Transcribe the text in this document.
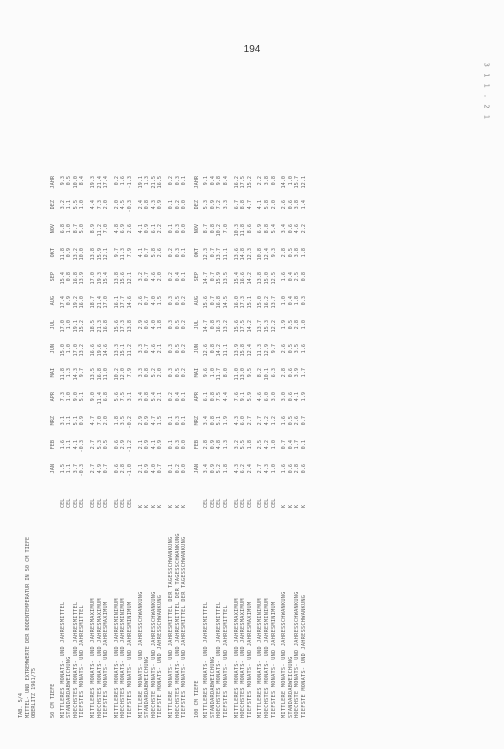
194
3 1 1 . 2 1
TAB. 5/4 MITTEL- UND EXTREMWERTE DER BODENTEMPERATUR IN 50 CM TIEFE OBERLITZ 1961/75 50 CM TIEFE
JAN
FEB
MRZ
APR
MAI
JUN
JUL
AUG
SEP
OKT
NOV
DEZ
JAHR
MITTLERES MONATS- UND JAHRESMITTEL
CEL
1.5
1.6
3.1
7.3
11.8
15.0
17.0
17.4
15.4
11.8
6.8
3.2
9.3
STANDARDABWEICHUNG
CEL
1.1
1.1
1.1
1.0
1.3
1.0
1.0
0.9
0.8
0.9
1.0
1.1
0.5
HOECHSTES MONATS- UND JAHRESMITTEL
CEL
3.7
4.1
5.1
9.0
14.3
17.0
19.1
19.2
16.8
13.2
8.7
5.5
10.0
TIEFSTES MONATS- UND JAHRESMITTEL
CEL
-0.3
-0.3
0.9
5.1
9.7
13.2
15.2
16.0
13.9
10.0
5.0
1.0
8.4
MITTLERES MONATS- UND JAHRESMAXIMUM
CEL
2.7
2.7
4.7
9.0
13.5
16.6
18.5
18.7
17.0
13.8
8.9
4.4
19.3
HOECHSTES MONATS- UND JAHRESMAXIMUM
CEL
4.9
5.3
7.0
11.4
16.8
19.6
21.3
21.4
19.3
15.9
11.2
7.3
21.4
TIEFSTES MONATS- UND JAHRESMAXIMUM
CEL
0.7
0.5
2.0
6.8
11.0
14.6
16.8
17.0
15.4
12.1
7.0
2.0
17.4
MITTLERES MONATS- UND JAHRESMINIMUM
CEL
0.6
0.6
1.8
5.6
10.2
13.3
15.6
16.1
13.8
9.7
4.8
2.0
0.2
HOECHSTES MONATS- UND JAHRESMINIMUM
CEL
2.8
2.9
3.5
7.5
12.0
15.1
17.3
17.7
15.6
11.3
6.9
4.5
1.6
TIEFSTES MONATS- UND JAHRESMINIMUM
CEL
-1.0
-1.2
-0.2
3.1
7.9
11.2
13.8
14.6
12.1
7.9
2.6
-0.3
-1.3
MITTLERE MONATS- UND JAHRESSCHWANKUNG
K
2.1
2.1
2.9
3.4
3.3
3.3
2.9
2.6
3.2
4.1
4.1
2.4
19.1
STANDARDABWEICHUNG
K
0.9
0.9
0.9
0.8
0.8
0.7
0.6
0.7
0.7
0.7
0.9
0.8
1.3
HOECHSTE MONATS- UND JAHRESSCHWANKUNG
K
4.0
4.1
4.7
5.4
5.2
4.6
4.0
4.0
4.6
5.8
6.1
4.3
21.5
TIEFSTE MONATS- UND JAHRESSCHWANKUNG
K
0.7
0.9
1.5
2.1
2.0
2.1
1.8
1.5
2.0
2.6
2.2
0.9
16.5
MITTLERE MONATS- UND JAHRESMITTEL DER TAGESSCHWANKUNG
K
0.1
0.1
0.1
0.2
0.3
0.3
0.3
0.3
0.2
0.2
0.1
0.1
0.2
HOECHSTES MONATS- UND JAHRESMITTEL DER TAGESSCHWANKUNG
K
0.2
0.3
0.3
0.4
0.5
0.5
0.5
0.5
0.4
0.3
0.3
0.2
0.3
TIEFSTES MONATS- UND JAHRESMITTEL DER TAGESSCHWANKUNG
K
0.0
0.0
0.1
0.1
0.2
0.2
0.2
0.2
0.1
0.1
0.0
0.0
0.1
100 CM TIEFE
JAN
FEB
MRZ
APR
MAI
JUN
JUL
AUG
SEP
OKT
NOV
DEZ
JAHR
MITTLERES MONATS- UND JAHRESMITTEL
CEL
3.4
2.8
3.4
6.1
9.6
12.6
14.7
15.6
14.7
12.3
8.7
5.3
9.1
STANDARDABWEICHUNG
CEL
0.9
0.9
0.8
0.8
1.0
0.8
0.8
0.7
0.7
0.7
0.8
0.9
0.4
HOECHSTES MONATS- UND JAHRESMITTEL
CEL
5.2
4.8
5.1
7.5
11.7
14.2
16.3
16.8
15.9
13.7
10.2
7.2
9.8
TIEFSTES MONATS- UND JAHRESMITTEL
CEL
1.8
1.3
1.9
4.4
8.0
11.1
13.2
14.5
13.5
11.1
7.0
3.3
8.4
MITTLERES MONATS- UND JAHRESMAXIMUM
CEL
4.3
3.2
4.3
7.6
11.0
13.9
15.6
16.0
15.4
13.6
10.3
6.7
16.2
HOECHSTES MONATS- UND JAHRESMAXIMUM
CEL
6.2
5.5
6.0
9.1
13.0
15.8
17.5
17.3
16.6
14.8
11.8
8.8
17.5
TIEFSTES MONATS- UND JAHRESMAXIMUM
CEL
2.4
1.8
2.7
5.9
9.5
12.4
14.2
15.1
14.2
12.3
8.6
4.7
15.2
MITTLERES MONATS- UND JAHRESMINIMUM
CEL
2.7
2.5
2.7
4.6
8.2
11.3
13.7
15.0
13.8
10.8
6.9
4.1
2.2
HOECHSTES MONATS- UND JAHRESMINIMUM
CEL
4.3
4.2
4.2
6.0
10.1
12.9
15.3
16.2
15.0
12.4
8.8
5.8
3.8
TIEFSTES MONATS- UND JAHRESMINIMUM
CEL
1.0
1.0
1.2
3.0
6.3
9.7
12.2
13.7
12.5
9.3
5.4
2.0
0.8
MITTLERE MONATS- UND JAHRESSCHWANKUNG
K
1.6
0.7
1.6
3.0
2.8
2.6
1.9
1.0
1.6
2.8
3.4
2.6
14.0
STANDARDABWEICHUNG
K
0.6
0.4
0.5
0.6
0.6
0.5
0.5
0.4
0.4
0.5
0.6
0.6
1.0
HOECHSTE MONATS- UND JAHRESSCHWANKUNG
K
2.8
1.7
2.6
4.1
3.9
3.5
2.8
1.8
2.5
3.8
4.6
3.8
15.7
TIEFSTE MONATS- UND JAHRESSCHWANKUNG
K
0.6
0.1
0.7
1.9
1.7
1.6
1.0
0.3
0.8
1.8
2.2
1.4
12.1
